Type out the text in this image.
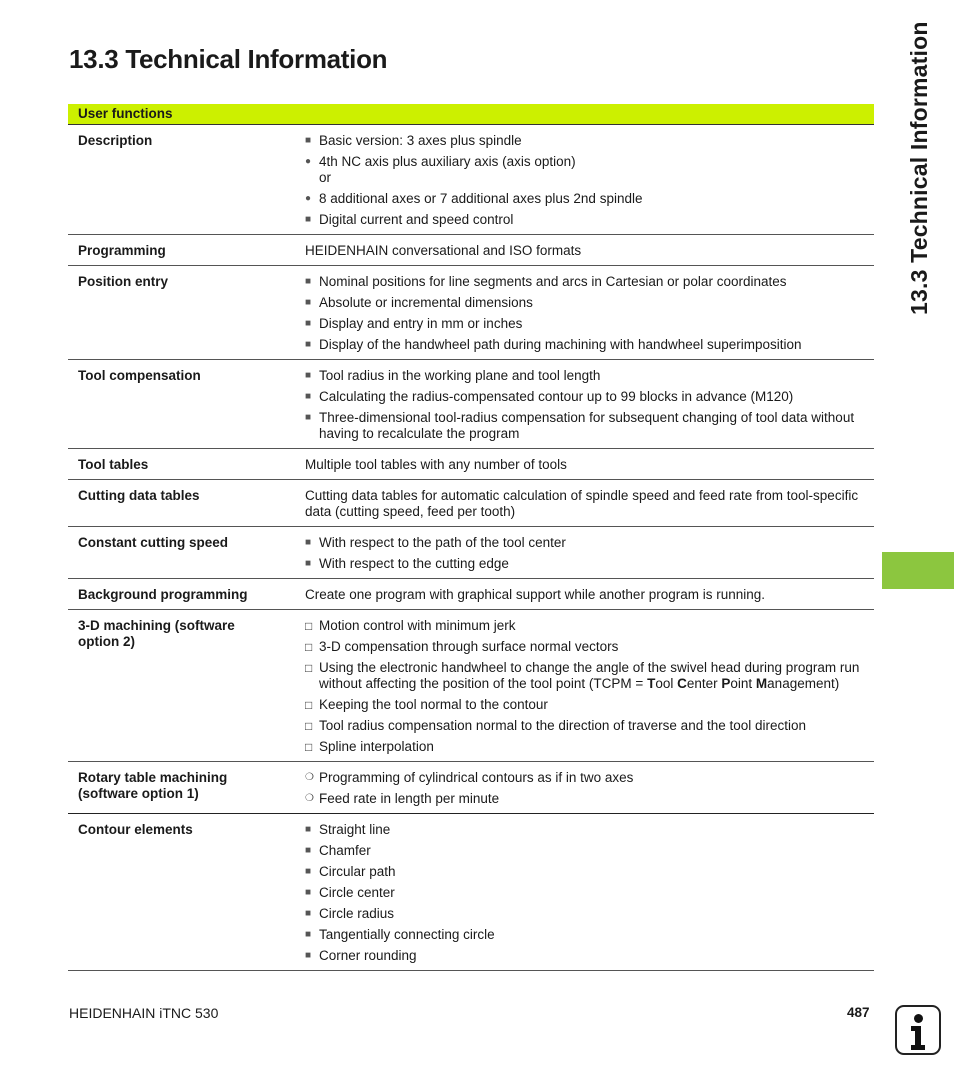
13.3 Technical Information	13.3 Technical Information
User functions
Description	■ Basic version: 3 axes plus spindle
● 4th NC axis plus auxiliary axis (axis option)
or
● 8 additional axes or 7 additional axes plus 2nd spindle
■ Digital current and speed control
Programming	HEIDENHAIN conversational and ISO formats
Position entry	■ Nominal positions for line segments and arcs in Cartesian or polar coordinates
■ Absolute or incremental dimensions
■ Display and entry in mm or inches
■ Display of the handwheel path during machining with handwheel superimposition
Tool compensation	■ Tool radius in the working plane and tool length
■ Calculating the radius-compensated contour up to 99 blocks in advance (M120)
■ Three-dimensional tool-radius compensation for subsequent changing of tool data without having to recalculate the program
Tool tables	Multiple tool tables with any number of tools
Cutting data tables	Cutting data tables for automatic calculation of spindle speed and feed rate from tool-specific data (cutting speed, feed per tooth)
Constant cutting speed	■ With respect to the path of the tool center
■ With respect to the cutting edge
Background programming	Create one program with graphical support while another program is running.
3-D machining (software option 2)
□ Motion control with minimum jerk
□ 3-D compensation through surface normal vectors
□ Using the electronic handwheel to change the angle of the swivel head during program run without affecting the position of the tool point (TCPM = Tool Center Point Management)
□ Keeping the tool normal to the contour
□ Tool radius compensation normal to the direction of traverse and the tool direction
□ Spline interpolation
Rotary table machining (software option 1)
❍ Programming of cylindrical contours as if in two axes
❍ Feed rate in length per minute
Contour elements	■ Straight line
■ Chamfer
■ Circular path
■ Circle center
■ Circle radius
■ Tangentially connecting circle
■ Corner rounding
HEIDENHAIN iTNC 530	487
